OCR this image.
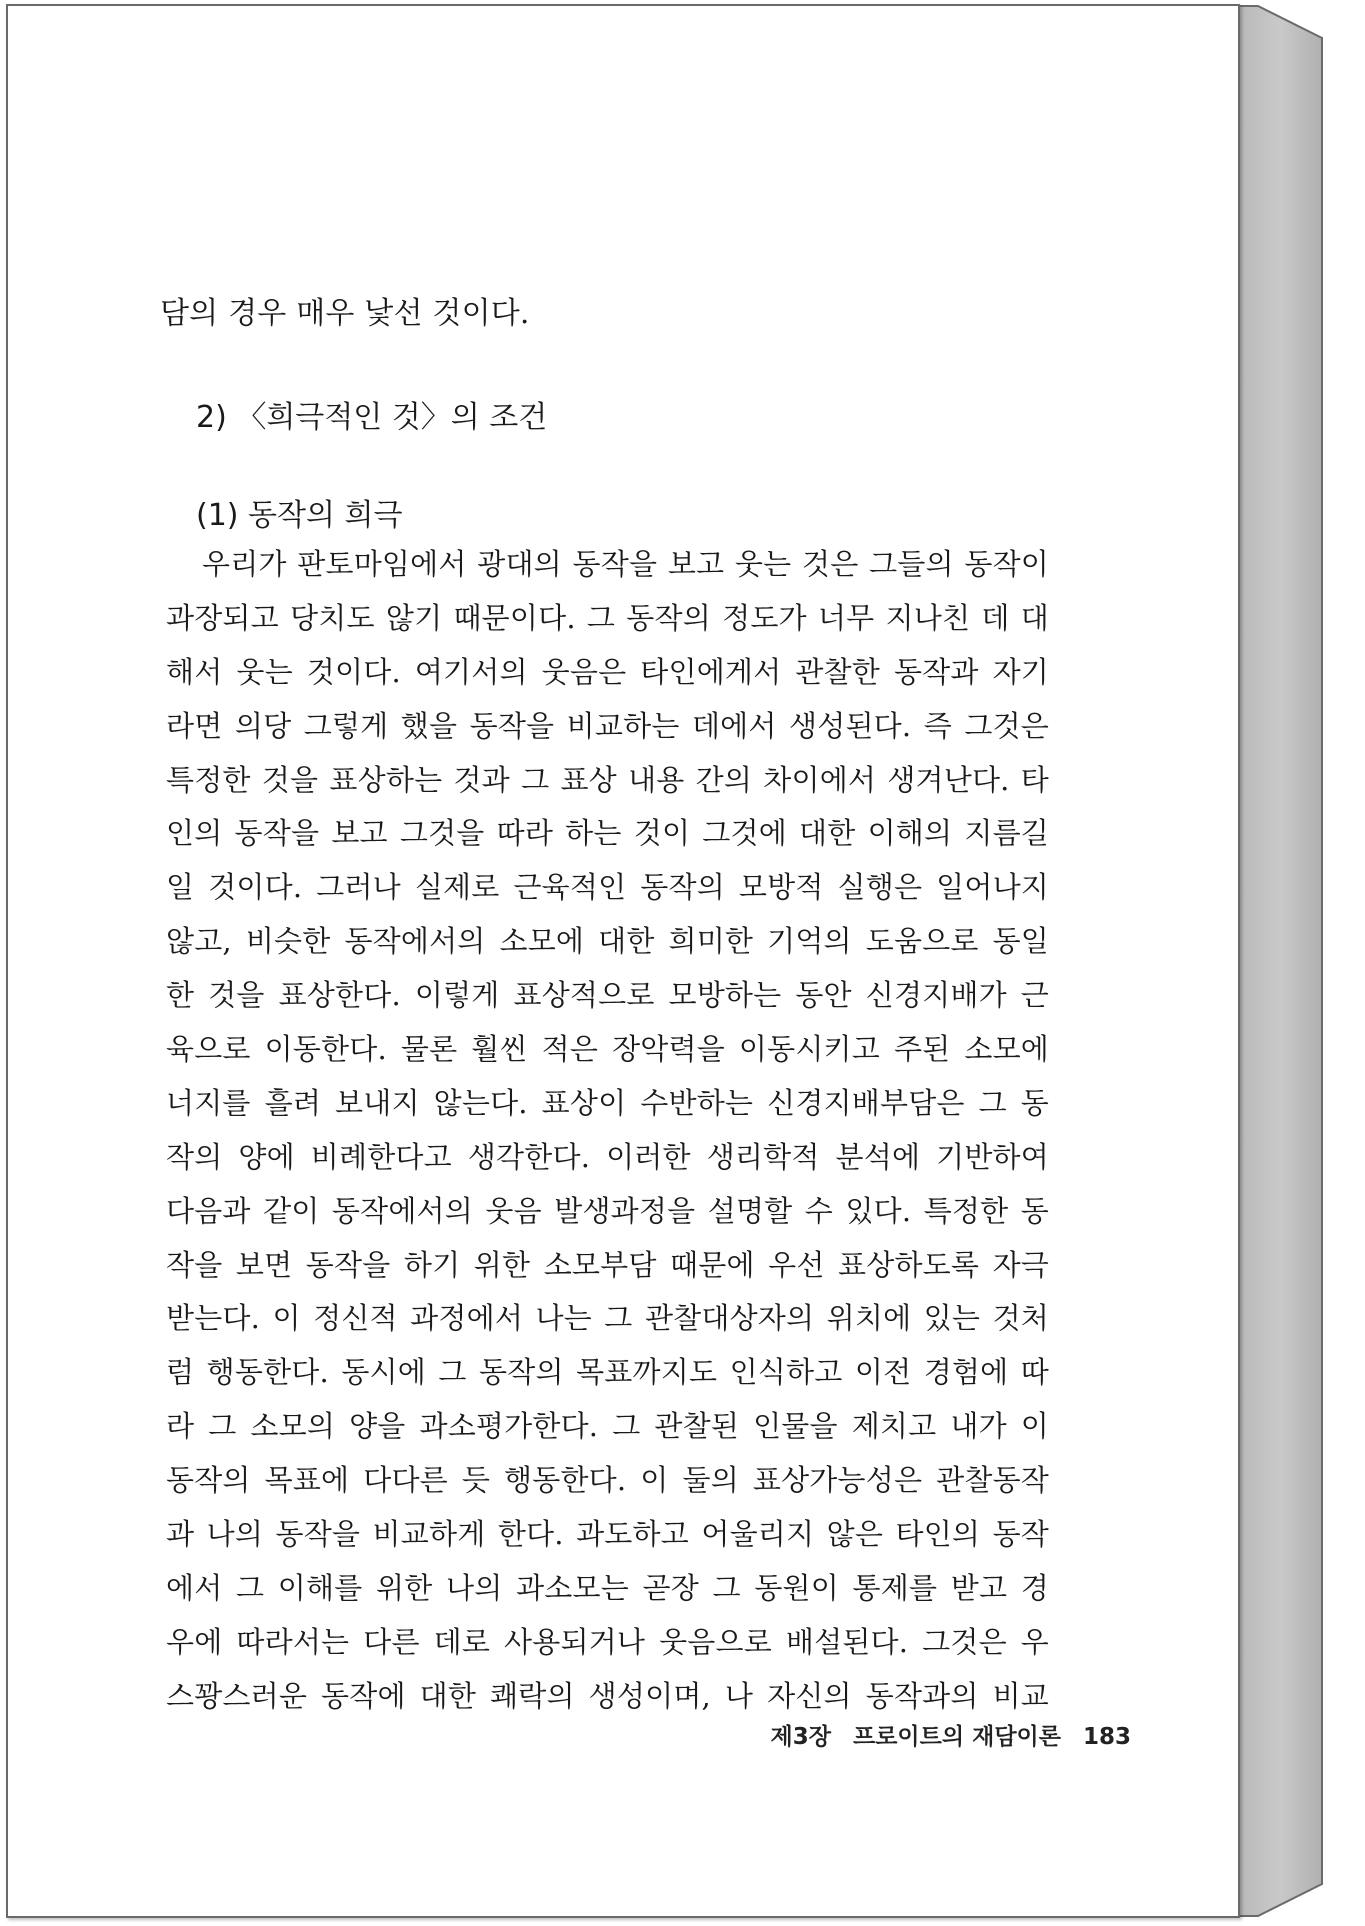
담의 경우 매우 낯선 것이다.
2) 〈희극적인 것〉의 조건
(1) 동작의 희극
우리가 판토마임에서 광대의 동작을 보고 웃는 것은 그들의 동작이
과장되고 당치도 않기 때문이다. 그 동작의 정도가 너무 지나친 데 대
해서 웃는 것이다. 여기서의 웃음은 타인에게서 관찰한 동작과 자기
라면 의당 그렇게 했을 동작을 비교하는 데에서 생성된다. 즉 그것은
특정한 것을 표상하는 것과 그 표상 내용 간의 차이에서 생겨난다. 타
인의 동작을 보고 그것을 따라 하는 것이 그것에 대한 이해의 지름길
일 것이다. 그러나 실제로 근육적인 동작의 모방적 실행은 일어나지
않고, 비슷한 동작에서의 소모에 대한 희미한 기억의 도움으로 동일
한 것을 표상한다. 이렇게 표상적으로 모방하는 동안 신경지배가 근
육으로 이동한다. 물론 훨씬 적은 장악력을 이동시키고 주된 소모에
너지를 흘려 보내지 않는다. 표상이 수반하는 신경지배부담은 그 동
작의 양에 비례한다고 생각한다. 이러한 생리학적 분석에 기반하여
다음과 같이 동작에서의 웃음 발생과정을 설명할 수 있다. 특정한 동
작을 보면 동작을 하기 위한 소모부담 때문에 우선 표상하도록 자극
받는다. 이 정신적 과정에서 나는 그 관찰대상자의 위치에 있는 것처
럼 행동한다. 동시에 그 동작의 목표까지도 인식하고 이전 경험에 따
라 그 소모의 양을 과소평가한다. 그 관찰된 인물을 제치고 내가 이
동작의 목표에 다다른 듯 행동한다. 이 둘의 표상가능성은 관찰동작
과 나의 동작을 비교하게 한다. 과도하고 어울리지 않은 타인의 동작
에서 그 이해를 위한 나의 과소모는 곧장 그 동원이 통제를 받고 경
우에 따라서는 다른 데로 사용되거나 웃음으로 배설된다. 그것은 우
스꽝스러운 동작에 대한 쾌락의 생성이며, 나 자신의 동작과의 비교
제3장 프로이트의 재담이론 183
